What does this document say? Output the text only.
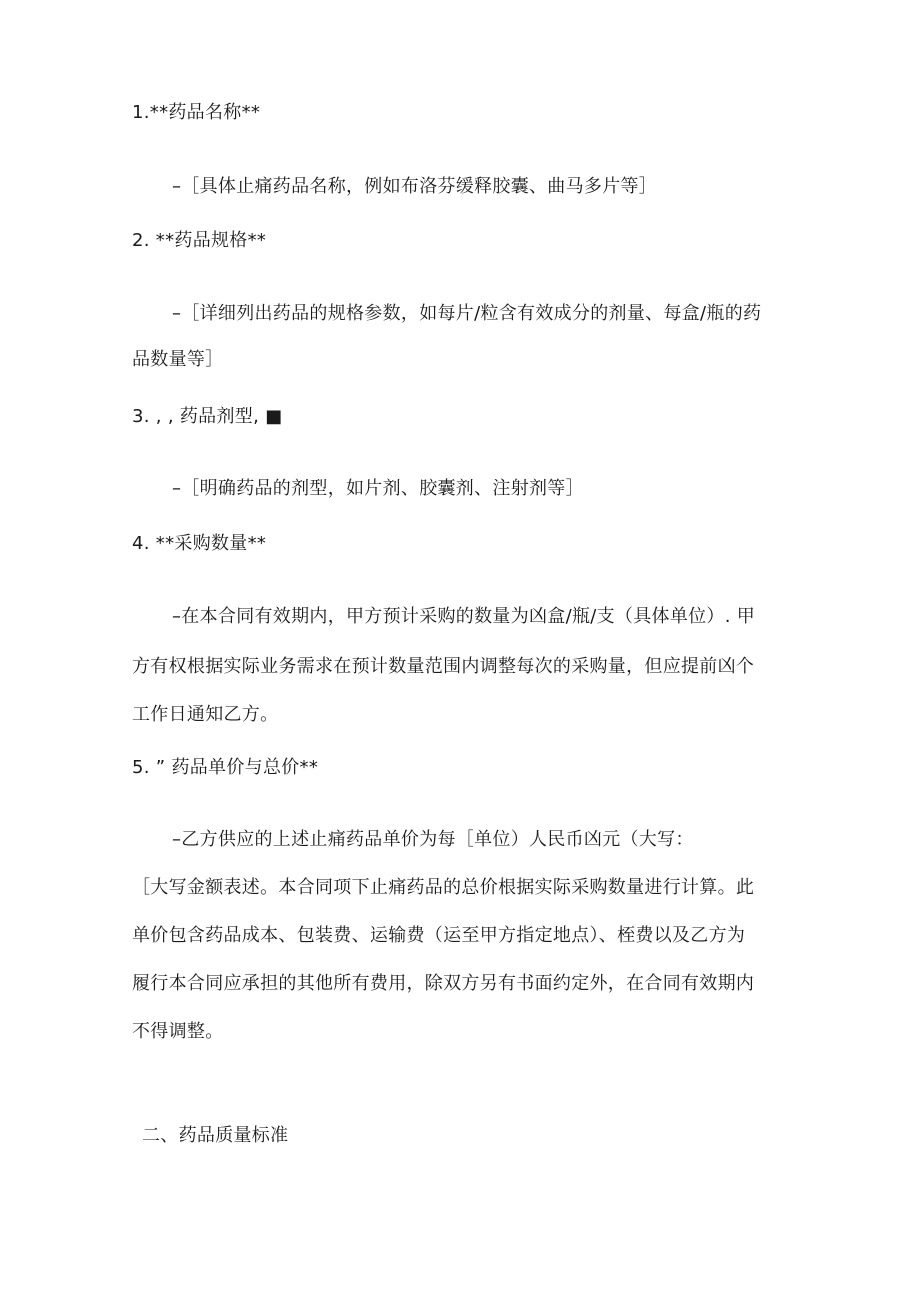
1.**药品名称**
–［具体止痛药品名称，例如布洛芬缓释胶囊、曲马多片等］
2. **药品规格**
–［详细列出药品的规格参数，如每片/粒含有效成分的剂量、每盒/瓶的药
品数量等］
3. , , 药品剂型, ■
–［明确药品的剂型，如片剂、胶囊剂、注射剂等］
4. **采购数量**
–在本合同有效期内，甲方预计采购的数量为凶盒/瓶/支（具体单位）. 甲
方有权根据实际业务需求在预计数量范围内调整每次的采购量，但应提前凶个
工作日通知乙方。
5. ” 药品单价与总价**
–乙方供应的上述止痛药品单价为每［单位）人民币凶元（大写：
［大写金额表述。本合同项下止痛药品的总价根据实际采购数量进行计算。此
单价包含药品成本、包装费、运输费（运至甲方指定地点）、桎费以及乙方为
履行本合同应承担的其他所有费用，除双方另有书面约定外，在合同有效期内
不得调整。
二、药品质量标准
